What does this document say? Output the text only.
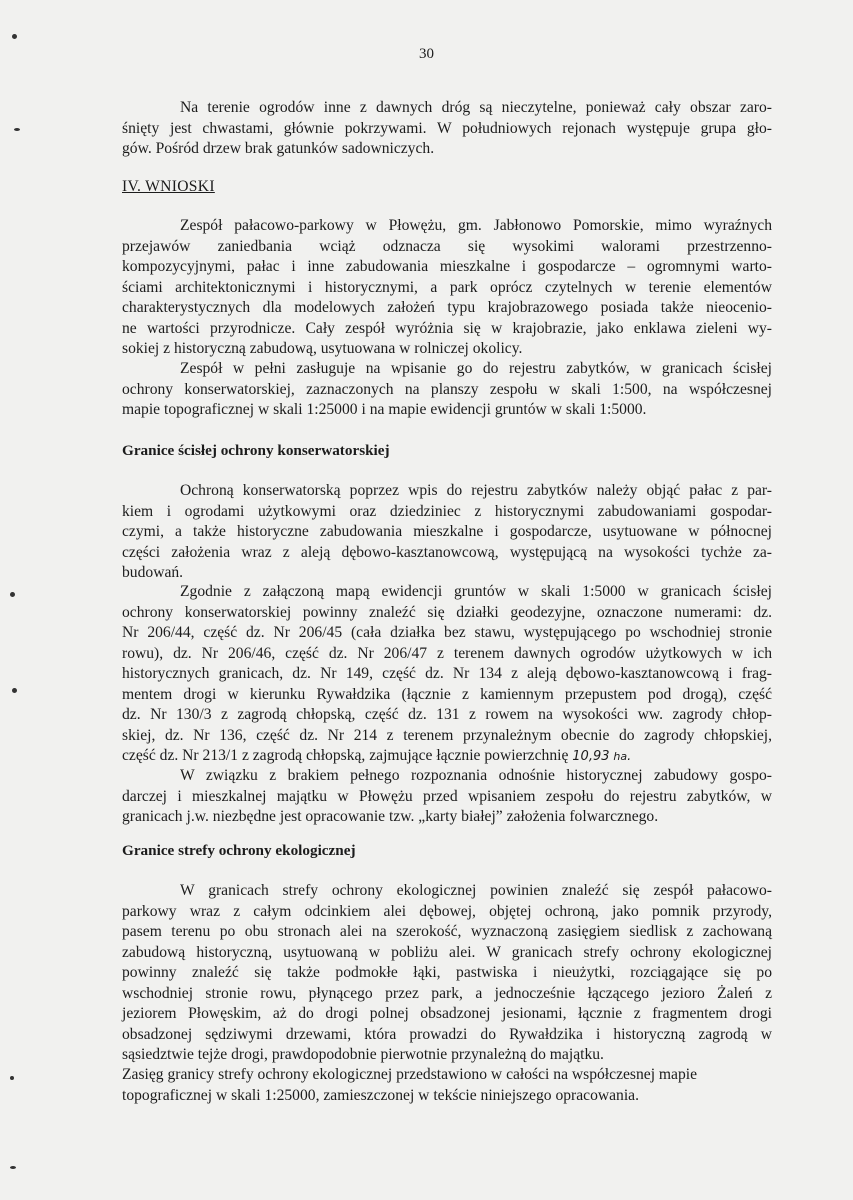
30
Na terenie ogrodów inne z dawnych dróg są nieczytelne, ponieważ cały obszar zaro-
śnięty jest chwastami, głównie pokrzywami. W południowych rejonach występuje grupa gło-
gów. Pośród drzew brak gatunków sadowniczych.
IV. WNIOSKI
Zespół pałacowo-parkowy w Płowężu, gm. Jabłonowo Pomorskie, mimo wyraźnych
przejawów zaniedbania wciąż odznacza się wysokimi walorami przestrzenno-
kompozycyjnymi, pałac i inne zabudowania mieszkalne i gospodarcze – ogromnymi warto-
ściami architektonicznymi i historycznymi, a park oprócz czytelnych w terenie elementów
charakterystycznych dla modelowych założeń typu krajobrazowego posiada także nieocenio-
ne wartości przyrodnicze. Cały zespół wyróżnia się w krajobrazie, jako enklawa zieleni wy-
sokiej z historyczną zabudową, usytuowana w rolniczej okolicy.
Zespół w pełni zasługuje na wpisanie go do rejestru zabytków, w granicach ścisłej
ochrony konserwatorskiej, zaznaczonych na planszy zespołu w skali 1:500, na współczesnej
mapie topograficznej w skali 1:25000 i na mapie ewidencji gruntów w skali 1:5000.
Granice ścisłej ochrony konserwatorskiej
Ochroną konserwatorską poprzez wpis do rejestru zabytków należy objąć pałac z par-
kiem i ogrodami użytkowymi oraz dziedziniec z historycznymi zabudowaniami gospodar-
czymi, a także historyczne zabudowania mieszkalne i gospodarcze, usytuowane w północnej
części założenia wraz z aleją dębowo-kasztanowcową, występującą na wysokości tychże za-
budowań.
Zgodnie z załączoną mapą ewidencji gruntów w skali 1:5000 w granicach ścisłej
ochrony konserwatorskiej powinny znaleźć się działki geodezyjne, oznaczone numerami: dz.
Nr 206/44, część dz. Nr 206/45 (cała działka bez stawu, występującego po wschodniej stronie
rowu), dz. Nr 206/46, część dz. Nr 206/47 z terenem dawnych ogrodów użytkowych w ich
historycznych granicach, dz. Nr 149, część dz. Nr 134 z aleją dębowo-kasztanowcową i frag-
mentem drogi w kierunku Rywałdzika (łącznie z kamiennym przepustem pod drogą), część
dz. Nr 130/3 z zagrodą chłopską, część dz. 131 z rowem na wysokości ww. zagrody chłop-
skiej, dz. Nr 136, część dz. Nr 214 z terenem przynależnym obecnie do zagrody chłopskiej,
część dz. Nr 213/1 z zagrodą chłopską, zajmujące łącznie powierzchnię 10,93 ha.
W związku z brakiem pełnego rozpoznania odnośnie historycznej zabudowy gospo-
darczej i mieszkalnej majątku w Płowężu przed wpisaniem zespołu do rejestru zabytków, w
granicach j.w. niezbędne jest opracowanie tzw. „karty białej” założenia folwarcznego.
Granice strefy ochrony ekologicznej
W granicach strefy ochrony ekologicznej powinien znaleźć się zespół pałacowo-
parkowy wraz z całym odcinkiem alei dębowej, objętej ochroną, jako pomnik przyrody,
pasem terenu po obu stronach alei na szerokość, wyznaczoną zasięgiem siedlisk z zachowaną
zabudową historyczną, usytuowaną w pobliżu alei. W granicach strefy ochrony ekologicznej
powinny znaleźć się także podmokłe łąki, pastwiska i nieużytki, rozciągające się po
wschodniej stronie rowu, płynącego przez park, a jednocześnie łączącego jezioro Żaleń z
jeziorem Płowęskim, aż do drogi polnej obsadzonej jesionami, łącznie z fragmentem drogi
obsadzonej sędziwymi drzewami, która prowadzi do Rywałdzika i historyczną zagrodą w
sąsiedztwie tejże drogi, prawdopodobnie pierwotnie przynależną do majątku.
Zasięg granicy strefy ochrony ekologicznej przedstawiono w całości na współczesnej mapie
topograficznej w skali 1:25000, zamieszczonej w tekście niniejszego opracowania.
